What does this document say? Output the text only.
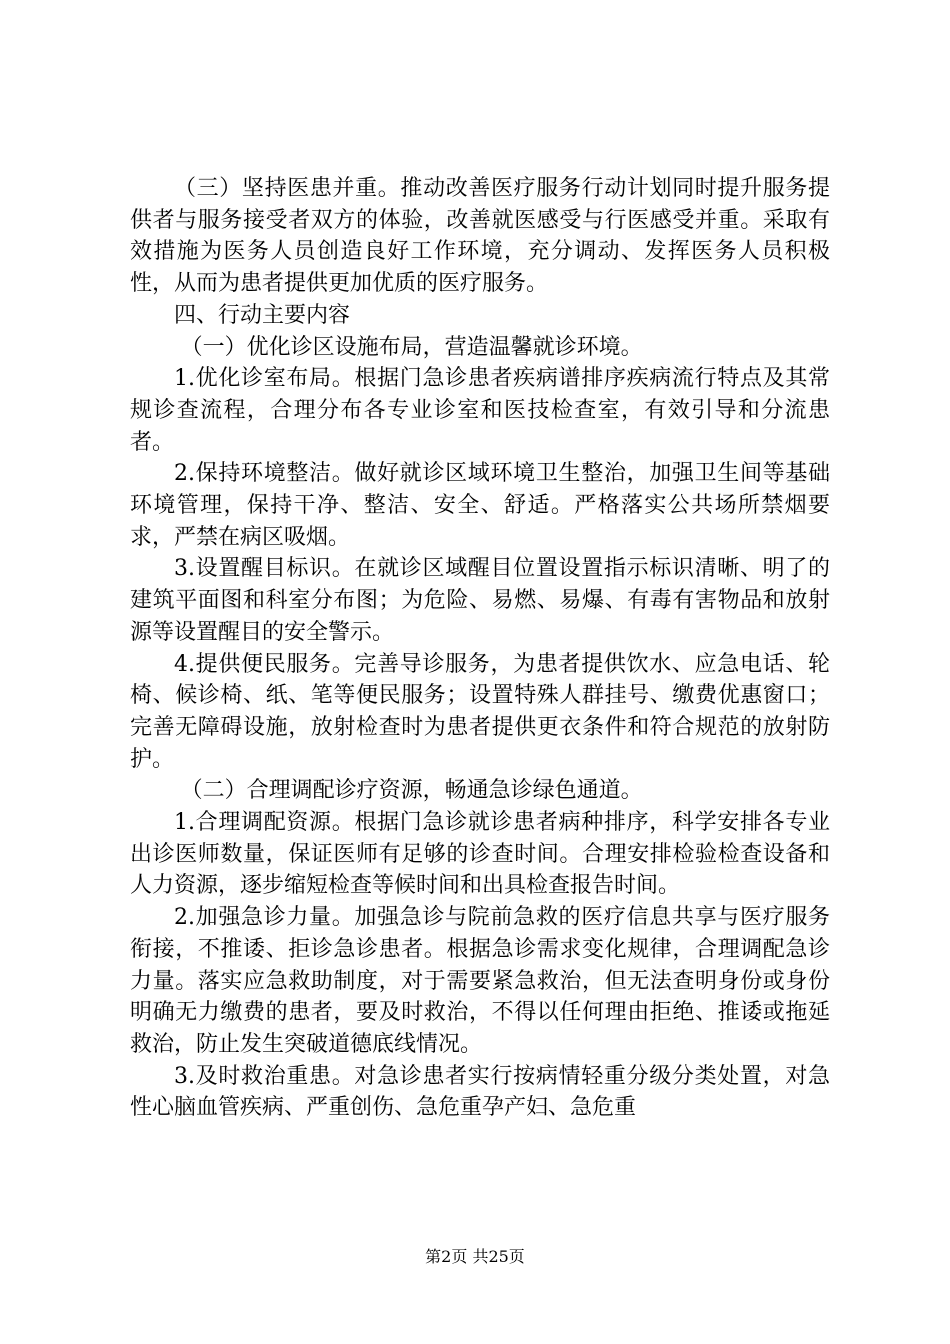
（三）坚持医患并重。推动改善医疗服务行动计划同时提升服务提供者与服务接受者双方的体验，改善就医感受与行医感受并重。采取有效措施为医务人员创造良好工作环境，充分调动、发挥医务人员积极性，从而为患者提供更加优质的医疗服务。

四、行动主要内容

（一）优化诊区设施布局，营造温馨就诊环境。

1.优化诊室布局。根据门急诊患者疾病谱排序疾病流行特点及其常规诊查流程，合理分布各专业诊室和医技检查室，有效引导和分流患者。

2.保持环境整洁。做好就诊区域环境卫生整治，加强卫生间等基础环境管理，保持干净、整洁、安全、舒适。严格落实公共场所禁烟要求，严禁在病区吸烟。

3.设置醒目标识。在就诊区域醒目位置设置指示标识清晰、明了的建筑平面图和科室分布图；为危险、易燃、易爆、有毒有害物品和放射源等设置醒目的安全警示。

4.提供便民服务。完善导诊服务，为患者提供饮水、应急电话、轮椅、候诊椅、纸、笔等便民服务；设置特殊人群挂号、缴费优惠窗口；完善无障碍设施，放射检查时为患者提供更衣条件和符合规范的放射防护。

（二）合理调配诊疗资源，畅通急诊绿色通道。

1.合理调配资源。根据门急诊就诊患者病种排序，科学安排各专业出诊医师数量，保证医师有足够的诊查时间。合理安排检验检查设备和人力资源，逐步缩短检查等候时间和出具检查报告时间。

2.加强急诊力量。加强急诊与院前急救的医疗信息共享与医疗服务衔接，不推诿、拒诊急诊患者。根据急诊需求变化规律，合理调配急诊力量。落实应急救助制度，对于需要紧急救治，但无法查明身份或身份明确无力缴费的患者，要及时救治，不得以任何理由拒绝、推诿或拖延救治，防止发生突破道德底线情况。

3.及时救治重患。对急诊患者实行按病情轻重分级分类处置，对急性心脑血管疾病、严重创伤、急危重孕产妇、急危重

第2页 共25页
